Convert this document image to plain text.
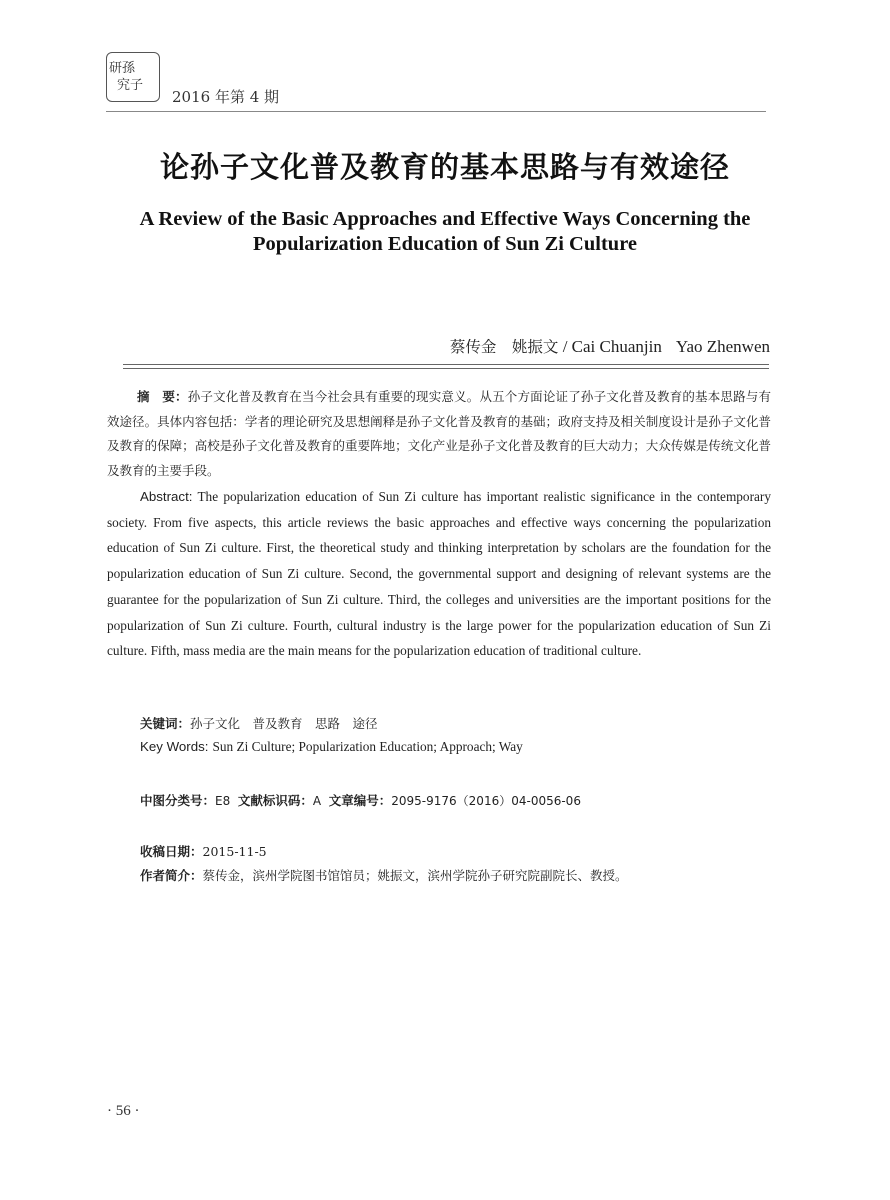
研孫
究子
2016 年第 4 期
论孙子文化普及教育的基本思路与有效途径
A Review of the Basic Approaches and Effective Ways Concerning the
Popularization Education of Sun Zi Culture
蔡传金　姚振文 / Cai Chuanjin Yao Zhenwen
摘　要：孙子文化普及教育在当今社会具有重要的现实意义。从五个方面论证了孙子文化普及教育的基本思路与有效途径。具体内容包括：学者的理论研究及思想阐释是孙子文化普及教育的基础；政府支持及相关制度设计是孙子文化普及教育的保障；高校是孙子文化普及教育的重要阵地；文化产业是孙子文化普及教育的巨大动力；大众传媒是传统文化普及教育的主要手段。
Abstract: The popularization education of Sun Zi culture has important realistic significance in the contemporary society. From five aspects, this article reviews the basic approaches and effective ways concerning the popularization education of Sun Zi culture. First, the theoretical study and thinking interpretation by scholars are the foundation for the popularization education of Sun Zi culture. Second, the governmental support and designing of relevant systems are the guarantee for the popularization of Sun Zi culture. Third, the colleges and universities are the important positions for the popularization of Sun Zi culture. Fourth, cultural industry is the large power for the popularization education of Sun Zi culture. Fifth, mass media are the main means for the popularization education of traditional culture.
关键词：孙子文化　普及教育　思路　途径
Key Words: Sun Zi Culture; Popularization Education; Approach; Way
中图分类号：E8 文献标识码：A 文章编号：2095-9176（2016）04-0056-06
收稿日期：2015-11-5
作者简介：蔡传金，滨州学院图书馆馆员；姚振文，滨州学院孙子研究院副院长、教授。
· 56 ·
